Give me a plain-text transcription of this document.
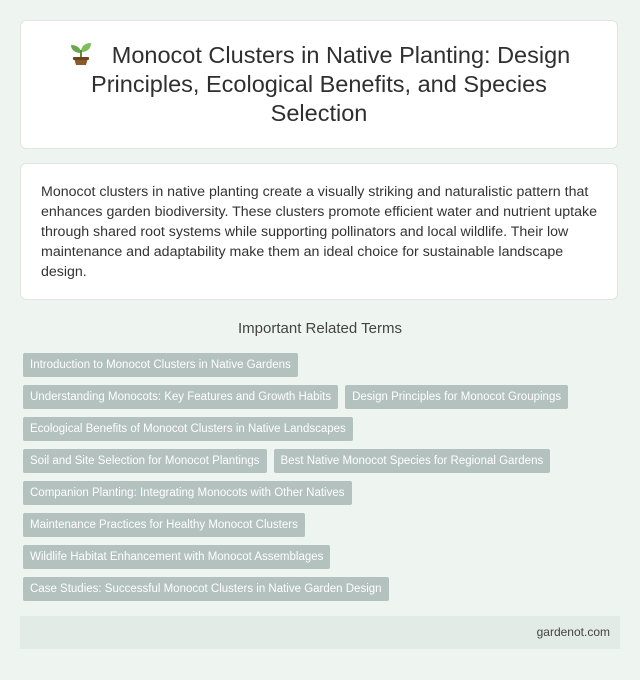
Monocot Clusters in Native Planting: Design Principles, Ecological Benefits, and Species Selection

Monocot clusters in native planting create a visually striking and naturalistic pattern that enhances garden biodiversity. These clusters promote efficient water and nutrient uptake through shared root systems while supporting pollinators and local wildlife. Their low maintenance and adaptability make them an ideal choice for sustainable landscape design.

Important Related Terms
Introduction to Monocot Clusters in Native Gardens
Understanding Monocots: Key Features and Growth Habits	Design Principles for Monocot Groupings
Ecological Benefits of Monocot Clusters in Native Landscapes
Soil and Site Selection for Monocot Plantings	Best Native Monocot Species for Regional Gardens
Companion Planting: Integrating Monocots with Other Natives
Maintenance Practices for Healthy Monocot Clusters
Wildlife Habitat Enhancement with Monocot Assemblages
Case Studies: Successful Monocot Clusters in Native Garden Design
gardenot.com
